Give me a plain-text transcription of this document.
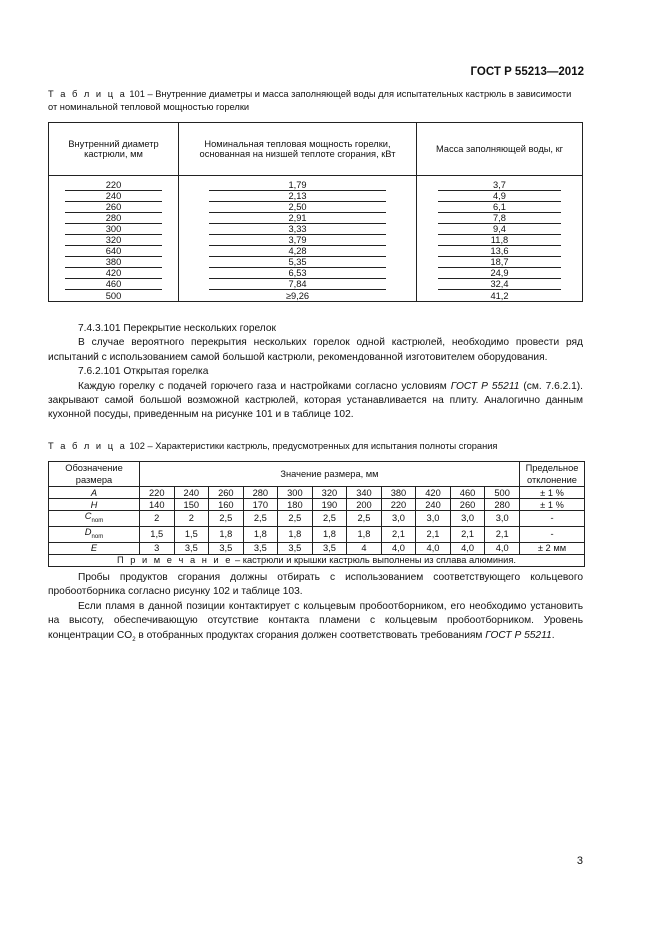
ГОСТ Р 55213—2012
Т а б л и ц а 101 – Внутренние диаметры и масса заполняющей воды для испытательных кастрюль в зависимости от номинальной тепловой мощностью горелки
Внутренний диаметр кастрюли, мм	Номинальная тепловая мощность горелки, основанная на низшей теплоте сгорания, кВт	Масса заполняющей воды, кг

220	1,79	3,7

240	2,13	4,9

260	2,50	6,1

280	2,91	7,8

300	3,33	9,4

320	3,79	11,8

640	4,28	13,6

380	5,35	18,7

420	6,53	24,9

460	7,84	32,4

500	≥9,26	41,2

7.4.3.101 Перекрытие нескольких горелок

В случае вероятного перекрытия нескольких горелок одной кастрюлей, необходимо провести ряд испытаний с использованием самой большой кастрюли, рекомендованной изготовителем оборудования.

7.6.2.101 Открытая горелка

Каждую горелку с подачей горючего газа и настройками согласно условиям ГОСТ Р 55211 (см. 7.6.2.1). закрывают самой большой возможной кастрюлей, которая устанавливается на плиту. Аналогично данным кухонной посуды, приведенным на рисунке 101 и в таблице 102.

Т а б л и ц а 102 – Характеристики кастрюль, предусмотренных для испытания полноты сгорания
Обозначение размера	Значение размера, мм											Предельное отклонение

A	220	240	260	280	300	320	340	380	420	460	500	± 1 %
H	140	150	160	170	180	190	200	220	240	260	280	± 1 %
$C_{nom}$	2	2	2,5	2,5	2,5	2,5	2,5	3,0	3,0	3,0	3,0	-
$D_{nom}$	1,5	1,5	1,8	1,8	1,8	1,8	1,8	2,1	2,1	2,1	2,1	-
E	3	3,5	3,5	3,5	3,5	3,5	4	4,0	4,0	4,0	4,0	± 2 мм
П р и м е ч а н и е – кастрюли и крышки кастрюль выполнены из сплава алюминия.												

Пробы продуктов сгорания должны отбирать с использованием соответствующего кольцевого пробоотборника согласно рисунку 102 и таблице 103.

Если пламя в данной позиции контактирует с кольцевым пробоотборником, его необходимо установить на высоту, обеспечивающую отсутствие контакта пламени с кольцевым пробоотборником. Уровень концентрации $CO_2$ в отобранных продуктах сгорания должен соответствовать требованиям ГОСТ Р 55211.

3
